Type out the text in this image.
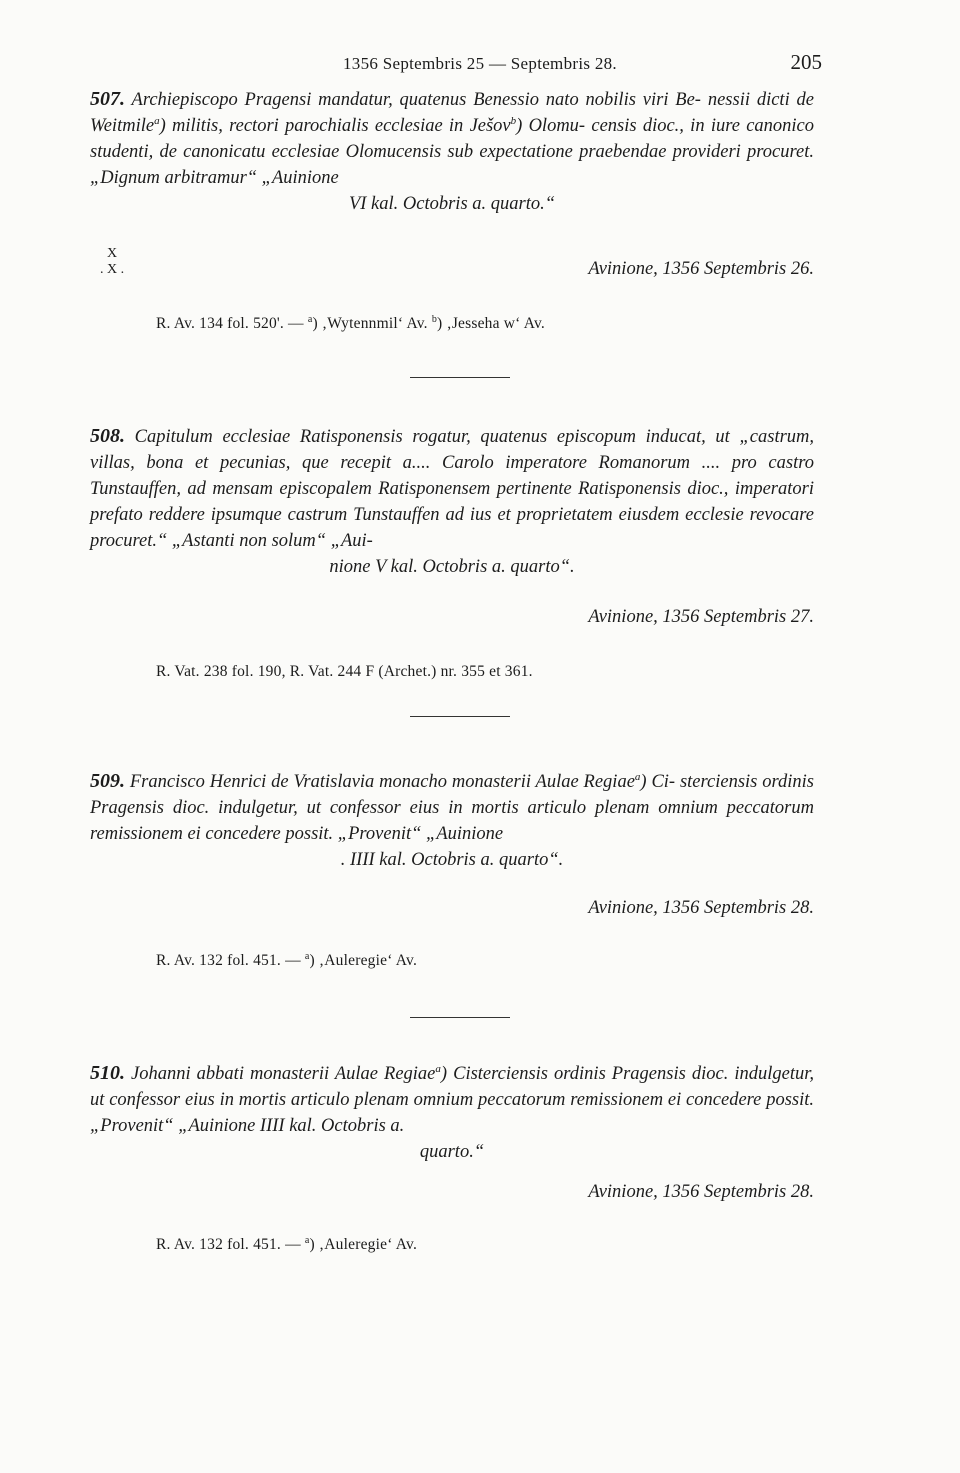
1356 Septembris 25 — Septembris 28.	205

507. Archiepiscopo Pragensi mandatur, quatenus Benessio nato nobilis viri Be- nessii dicti de Weitmile$^a$) militis, rectori parochialis ecclesiae in Ješov$^b$) Olomu- censis dioc., in iure canonico studenti, de canonicatu ecclesiae Olomucensis sub expectatione praebendae provideri procuret. „Dignum arbitramur“ „Auinione

VI kal. Octobris a. quarto.“

X
. X .	Avinione, 1356 Septembris 26.
R. Av. 134 fol. 520'. — $^a$) ‚Wytennmil‘ Av. $^b$) ‚Jesseha w‘ Av.

508. Capitulum ecclesiae Ratisponensis rogatur, quatenus episcopum inducat, ut „castrum, villas, bona et pecunias, que recepit a.... Carolo imperatore Romanorum .... pro castro Tunstauffen, ad mensam episcopalem Ratisponensem pertinente Ratisponensis dioc., imperatori prefato reddere ipsumque castrum Tunstauffen ad ius et proprietatem eiusdem ecclesie revocare procuret.“ „Astanti non solum“ „Aui-

nione V kal. Octobris a. quarto“.

Avinione, 1356 Septembris 27.
R. Vat. 238 fol. 190, R. Vat. 244 F (Archet.) nr. 355 et 361.

509. Francisco Henrici de Vratislavia monacho monasterii Aulae Regiae$^a$) Ci- sterciensis ordinis Pragensis dioc. indulgetur, ut confessor eius in mortis articulo plenam omnium peccatorum remissionem ei concedere possit. „Provenit“ „Auinione

. IIII kal. Octobris a. quarto“.

Avinione, 1356 Septembris 28.
R. Av. 132 fol. 451. — $^a$) ‚Auleregie‘ Av.

510. Johanni abbati monasterii Aulae Regiae$^a$) Cisterciensis ordinis Pragensis dioc. indulgetur, ut confessor eius in mortis articulo plenam omnium peccatorum remissionem ei concedere possit. „Provenit“ „Auinione IIII kal. Octobris a.

quarto.“

Avinione, 1356 Septembris 28.
R. Av. 132 fol. 451. — $^a$) ‚Auleregie‘ Av.
